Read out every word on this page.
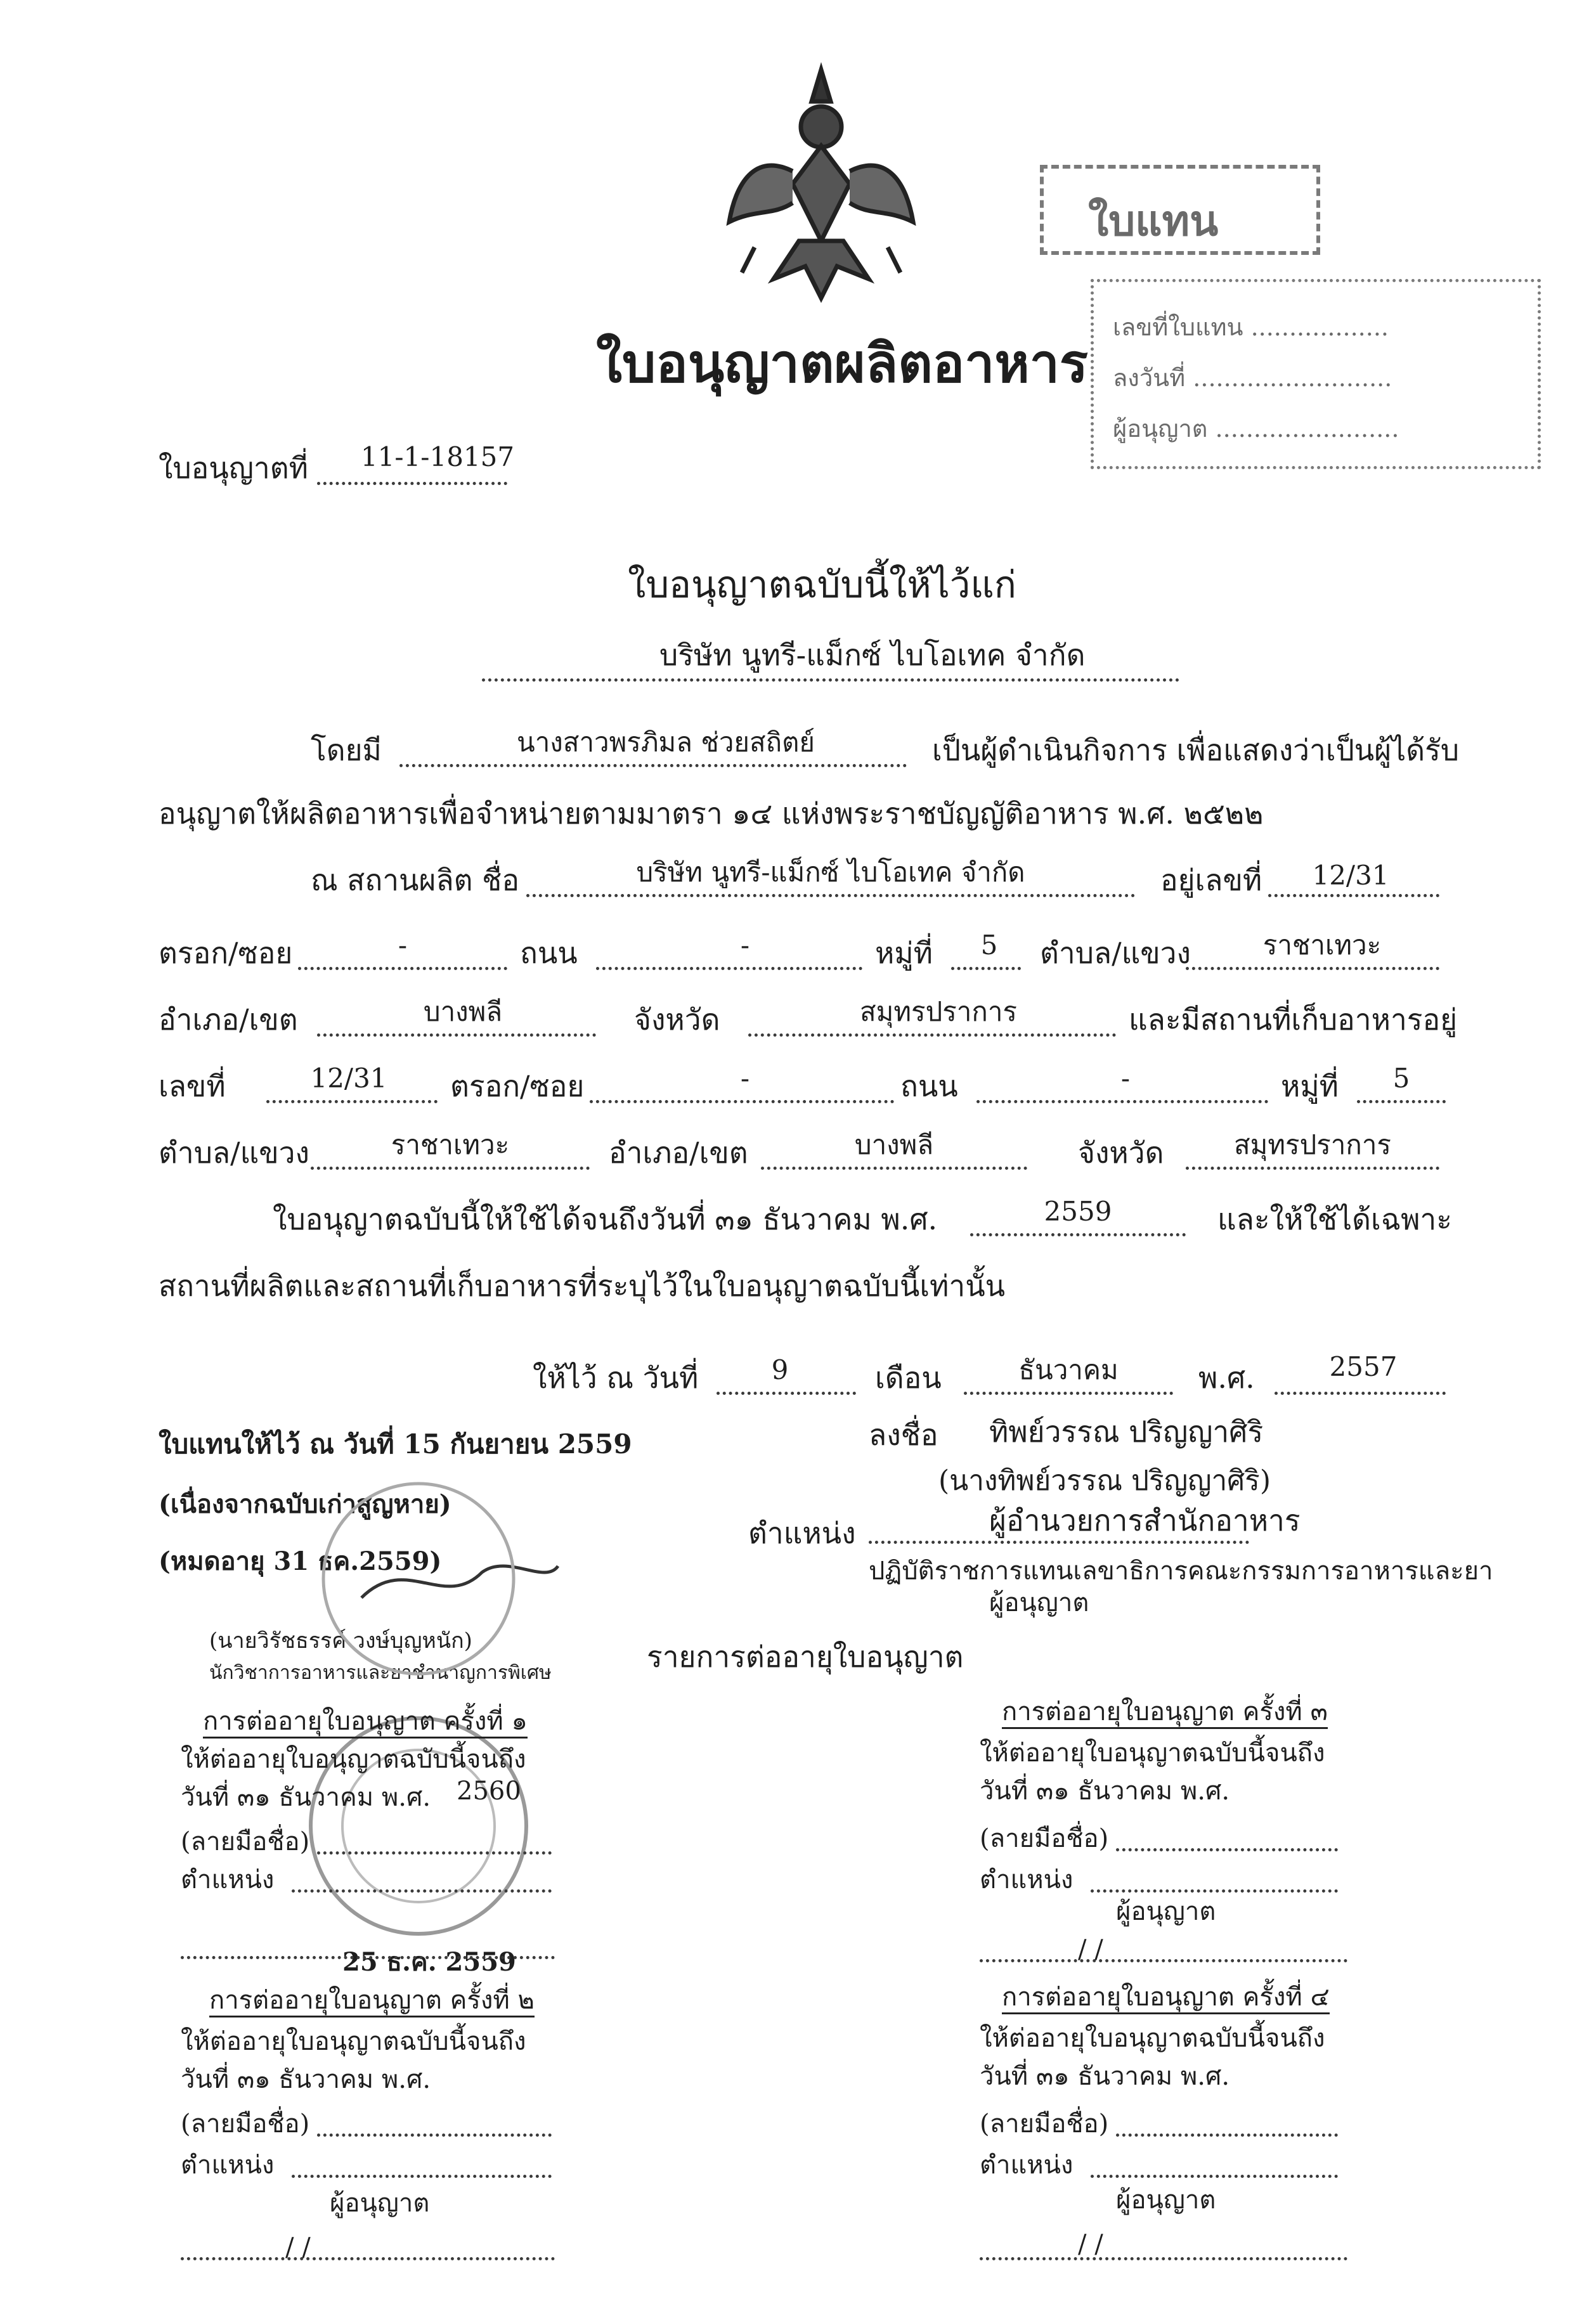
ใบอนุญาตผลิตอาหาร
เลขที่ใบแทน ..................
ลงวันที่ ..........................
ผู้อนุญาต ........................
ใบแทน
ใบอนุญาตที่ 11-1-18157
ใบอนุญาตฉบับนี้ให้ไว้แก่
บริษัท นูทรี-แม็กซ์ ไบโอเทค จำกัด
โดยมี	นางสาวพรภิมล ช่วยสถิตย์	เป็นผู้ดำเนินกิจการ เพื่อแสดงว่าเป็นผู้ได้รับ
อนุญาตให้ผลิตอาหารเพื่อจำหน่ายตามมาตรา ๑๔ แห่งพระราชบัญญัติอาหาร พ.ศ. ๒๕๒๒
ณ สถานผลิต ชื่อ	บริษัท นูทรี-แม็กซ์ ไบโอเทค จำกัด	อยู่เลขที่	12/31
ตรอก/ซอย	-	ถนน	-	หมู่ที่	5	ตำบล/แขวง	ราชาเทวะ
อำเภอ/เขต	บางพลี	จังหวัด	สมุทรปราการ	และมีสถานที่เก็บอาหารอยู่
เลขที่	12/31	ตรอก/ซอย	-	ถนน	-	หมู่ที่	5
ตำบล/แขวง	ราชาเทวะ	อำเภอ/เขต	บางพลี	จังหวัด	สมุทรปราการ
ใบอนุญาตฉบับนี้ให้ใช้ได้จนถึงวันที่ ๓๑ ธันวาคม พ.ศ.	2559	และให้ใช้ได้เฉพาะ
สถานที่ผลิตและสถานที่เก็บอาหารที่ระบุไว้ในใบอนุญาตฉบับนี้เท่านั้น
ให้ไว้ ณ วันที่	9	เดือน	ธันวาคม	พ.ศ.	2557
ใบแทนให้ไว้ ณ วันที่ 15 กันยายน 2559
(เนื่องจากฉบับเก่าสูญหาย)
(หมดอายุ 31 ธค.2559)
(นายวิรัชธรรค์ วงษ์บุญหนัก)
นักวิชาการอาหารและยาชำนาญการพิเศษ
ลงชื่อ ทิพย์วรรณ ปริญญาศิริ
(นางทิพย์วรรณ ปริญญาศิริ)
ตำแหน่ง	ผู้อำนวยการสำนักอาหาร
ปฏิบัติราชการแทนเลขาธิการคณะกรรมการอาหารและยา
ผู้อนุญาต
รายการต่ออายุใบอนุญาต
การต่ออายุใบอนุญาต ครั้งที่ ๑
ให้ต่ออายุใบอนุญาตฉบับนี้จนถึง
วันที่ ๓๑ ธันวาคม พ.ศ. 2560
(ลายมือชื่อ)
ตำแหน่ง
25 ธ.ค. 2559
การต่ออายุใบอนุญาต ครั้งที่ ๒
ให้ต่ออายุใบอนุญาตฉบับนี้จนถึง
วันที่ ๓๑ ธันวาคม พ.ศ.
(ลายมือชื่อ)
ตำแหน่ง
ผู้อนุญาต
/ /
การต่ออายุใบอนุญาต ครั้งที่ ๓
ให้ต่ออายุใบอนุญาตฉบับนี้จนถึง
วันที่ ๓๑ ธันวาคม พ.ศ.
(ลายมือชื่อ)
ตำแหน่ง
ผู้อนุญาต
/ /
การต่ออายุใบอนุญาต ครั้งที่ ๔
ให้ต่ออายุใบอนุญาตฉบับนี้จนถึง
วันที่ ๓๑ ธันวาคม พ.ศ.
(ลายมือชื่อ)
ตำแหน่ง
ผู้อนุญาต
/ /
